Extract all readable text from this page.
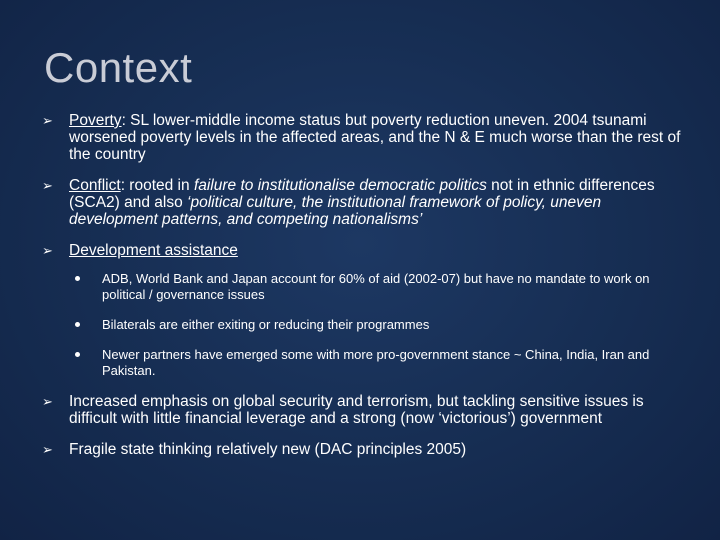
Context
➢ Poverty: SL lower-middle income status but poverty reduction uneven. 2004 tsunami worsened poverty levels in the affected areas, and the N & E much worse than the rest of the country
➢ Conflict: rooted in failure to institutionalise democratic politics not in ethnic differences (SCA2) and also ‘political culture, the institutional framework of policy, uneven development patterns, and competing nationalisms’
➢ Development assistance
ADB, World Bank and Japan account for 60% of aid (2002-07) but have no mandate to work on political / governance issues
Bilaterals are either exiting or reducing their programmes
Newer partners have emerged some with more pro-government stance ~ China, India, Iran and Pakistan.
➢ Increased emphasis on global security and terrorism, but tackling sensitive issues is difficult with little financial leverage and a strong (now ‘victorious’) government
➢ Fragile state thinking relatively new (DAC principles 2005)
